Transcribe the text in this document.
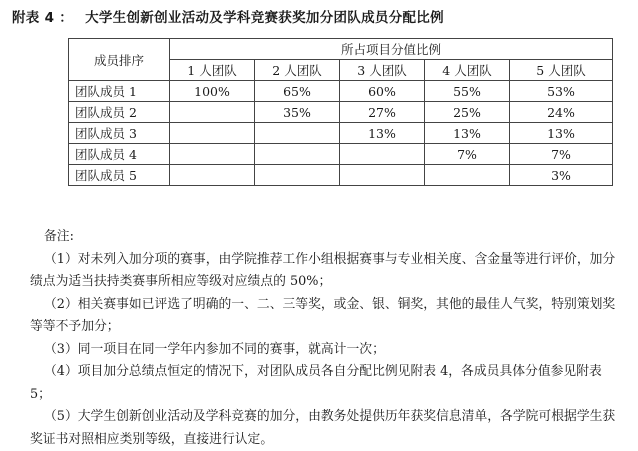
附表 4 ： 大学生创新创业活动及学科竞赛获奖加分团队成员分配比例
成员排序	所占项目分值比例				
	1 人团队	2 人团队	3 人团队	4 人团队	5 人团队
团队成员 1	100%	65%	60%	55%	53%
团队成员 2		35%	27%	25%	24%
团队成员 3			13%	13%	13%
团队成员 4				7%	7%
团队成员 5					3%
备注:

（1）对未列入加分项的赛事，由学院推荐工作小组根据赛事与专业相关度、含金量等进行评价，加分绩点为适当扶持类赛事所相应等级对应绩点的 50%；

（2）相关赛事如已评选了明确的一、二、三等奖，或金、银、铜奖，其他的最佳人气奖，特别策划奖等等不予加分；

（3）同一项目在同一学年内参加不同的赛事，就高计一次；

（4）项目加分总绩点恒定的情况下，对团队成员各自分配比例见附表 4，各成员具体分值参见附表 5；

（5）大学生创新创业活动及学科竞赛的加分，由教务处提供历年获奖信息清单，各学院可根据学生获奖证书对照相应类别等级，直接进行认定。
